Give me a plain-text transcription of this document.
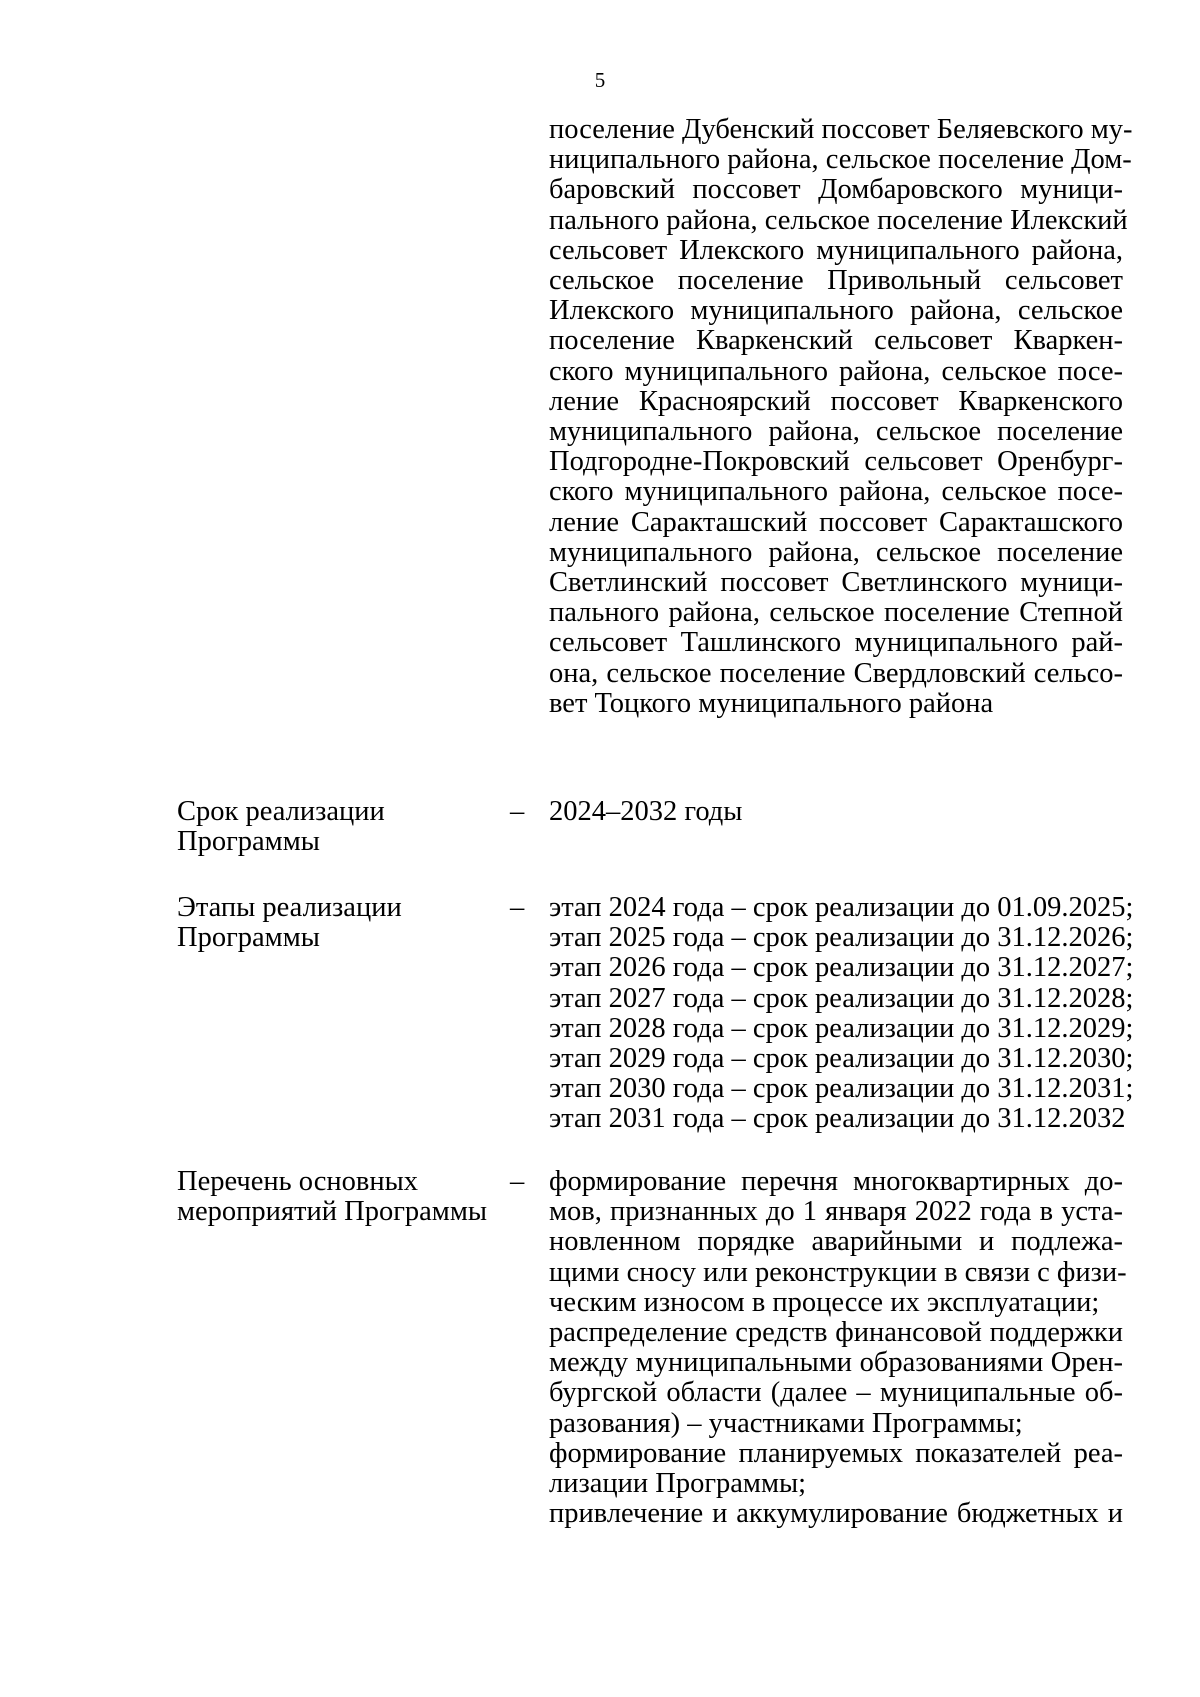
5
поселение Дубенский поссовет Беляевского му-
ниципального района, сельское поселение Дом-
баровский поссовет Домбаровского муници-
пального района, сельское поселение Илекский
сельсовет Илекского муниципального района,
сельское поселение Привольный сельсовет
Илекского муниципального района, сельское
поселение Кваркенский сельсовет Кваркен-
ского муниципального района, сельское посе-
ление Красноярский поссовет Кваркенского
муниципального района, сельское поселение
Подгородне-Покровский сельсовет Оренбург-
ского муниципального района, сельское посе-
ление Саракташский поссовет Саракташского
муниципального района, сельское поселение
Светлинский поссовет Светлинского муници-
пального района, сельское поселение Степной
сельсовет Ташлинского муниципального рай-
она, сельское поселение Свердловский сельсо-
вет Тоцкого муниципального района
Срок реализации
Программы
– 2024–2032 годы
Этапы реализации
Программы
– этап 2024 года – срок реализации до 01.09.2025;
этап 2025 года – срок реализации до 31.12.2026;
этап 2026 года – срок реализации до 31.12.2027;
этап 2027 года – срок реализации до 31.12.2028;
этап 2028 года – срок реализации до 31.12.2029;
этап 2029 года – срок реализации до 31.12.2030;
этап 2030 года – срок реализации до 31.12.2031;
этап 2031 года – срок реализации до 31.12.2032
Перечень основных
мероприятий Программы
– формирование перечня многоквартирных до-
мов, признанных до 1 января 2022 года в уста-
новленном порядке аварийными и подлежа-
щими сносу или реконструкции в связи с физи-
ческим износом в процессе их эксплуатации;
распределение средств финансовой поддержки
между муниципальными образованиями Орен-
бургской области (далее – муниципальные об-
разования) – участниками Программы;
формирование планируемых показателей реа-
лизации Программы;
привлечение и аккумулирование бюджетных и
